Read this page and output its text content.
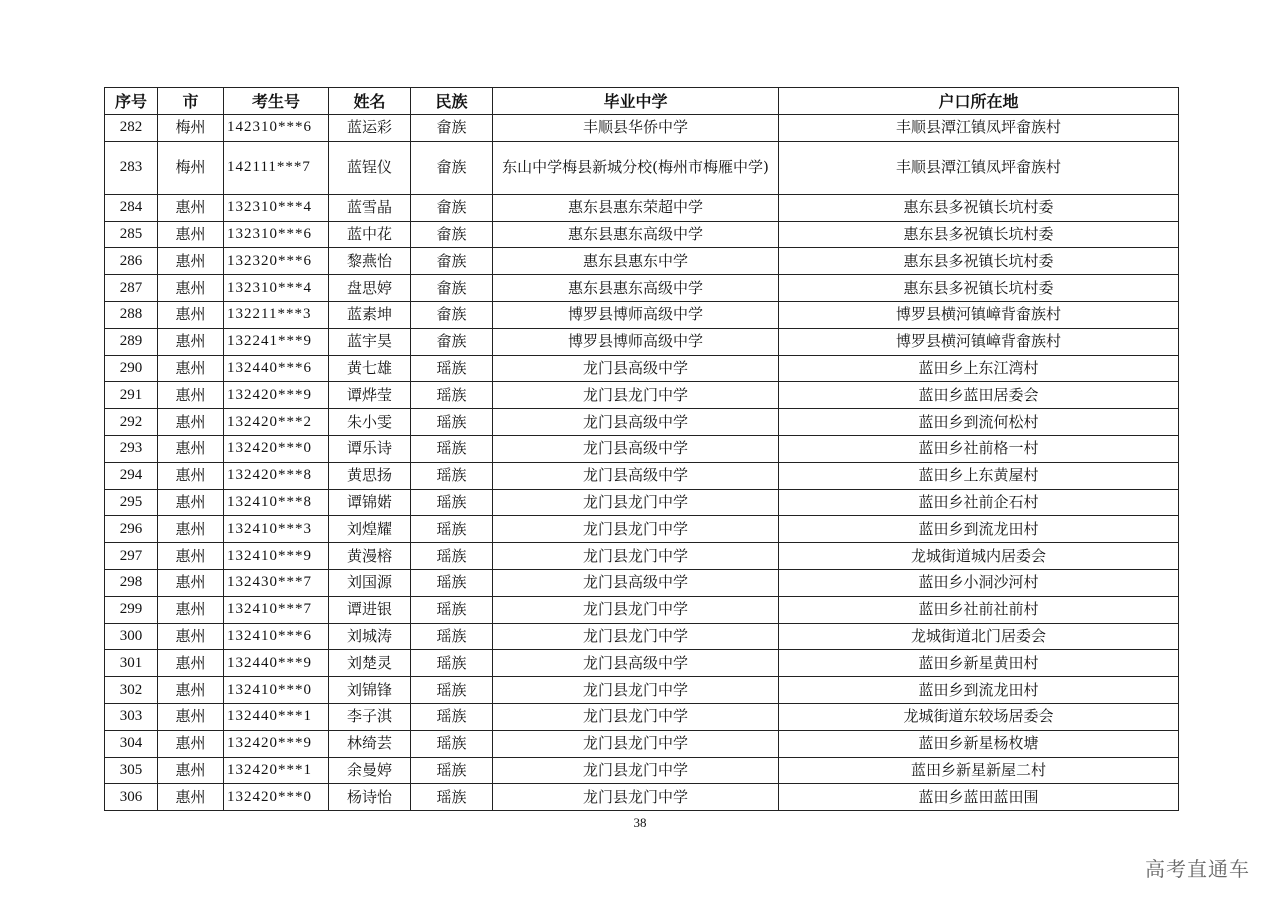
序号	市	考生号	姓名	民族	毕业中学	户口所在地
282	梅州	142310***6	蓝运彩	畲族	丰顺县华侨中学	丰顺县潭江镇凤坪畲族村
283	梅州	142111***7	蓝锃仪	畲族	东山中学梅县新城分校(梅州市梅雁中学)	丰顺县潭江镇凤坪畲族村
284	惠州	132310***4	蓝雪晶	畲族	惠东县惠东荣超中学	惠东县多祝镇长坑村委
285	惠州	132310***6	蓝中花	畲族	惠东县惠东高级中学	惠东县多祝镇长坑村委
286	惠州	132320***6	黎燕怡	畲族	惠东县惠东中学	惠东县多祝镇长坑村委
287	惠州	132310***4	盘思婷	畲族	惠东县惠东高级中学	惠东县多祝镇长坑村委
288	惠州	132211***3	蓝素坤	畲族	博罗县博师高级中学	博罗县横河镇嶂背畲族村
289	惠州	132241***9	蓝宇昊	畲族	博罗县博师高级中学	博罗县横河镇嶂背畲族村
290	惠州	132440***6	黄七雄	瑶族	龙门县高级中学	蓝田乡上东江湾村
291	惠州	132420***9	谭烨莹	瑶族	龙门县龙门中学	蓝田乡蓝田居委会
292	惠州	132420***2	朱小雯	瑶族	龙门县高级中学	蓝田乡到流何松村
293	惠州	132420***0	谭乐诗	瑶族	龙门县高级中学	蓝田乡社前格一村
294	惠州	132420***8	黄思扬	瑶族	龙门县高级中学	蓝田乡上东黄屋村
295	惠州	132410***8	谭锦婼	瑶族	龙门县龙门中学	蓝田乡社前企石村
296	惠州	132410***3	刘煌耀	瑶族	龙门县龙门中学	蓝田乡到流龙田村
297	惠州	132410***9	黄漫榕	瑶族	龙门县龙门中学	龙城街道城内居委会
298	惠州	132430***7	刘国源	瑶族	龙门县高级中学	蓝田乡小洞沙河村
299	惠州	132410***7	谭进银	瑶族	龙门县龙门中学	蓝田乡社前社前村
300	惠州	132410***6	刘城涛	瑶族	龙门县龙门中学	龙城街道北门居委会
301	惠州	132440***9	刘楚灵	瑶族	龙门县高级中学	蓝田乡新星黄田村
302	惠州	132410***0	刘锦锋	瑶族	龙门县龙门中学	蓝田乡到流龙田村
303	惠州	132440***1	李子淇	瑶族	龙门县龙门中学	龙城街道东较场居委会
304	惠州	132420***9	林绮芸	瑶族	龙门县龙门中学	蓝田乡新星杨枚塘
305	惠州	132420***1	余曼婷	瑶族	龙门县龙门中学	蓝田乡新星新屋二村
306	惠州	132420***0	杨诗怡	瑶族	龙门县龙门中学	蓝田乡蓝田蓝田围
38
高考直通车
